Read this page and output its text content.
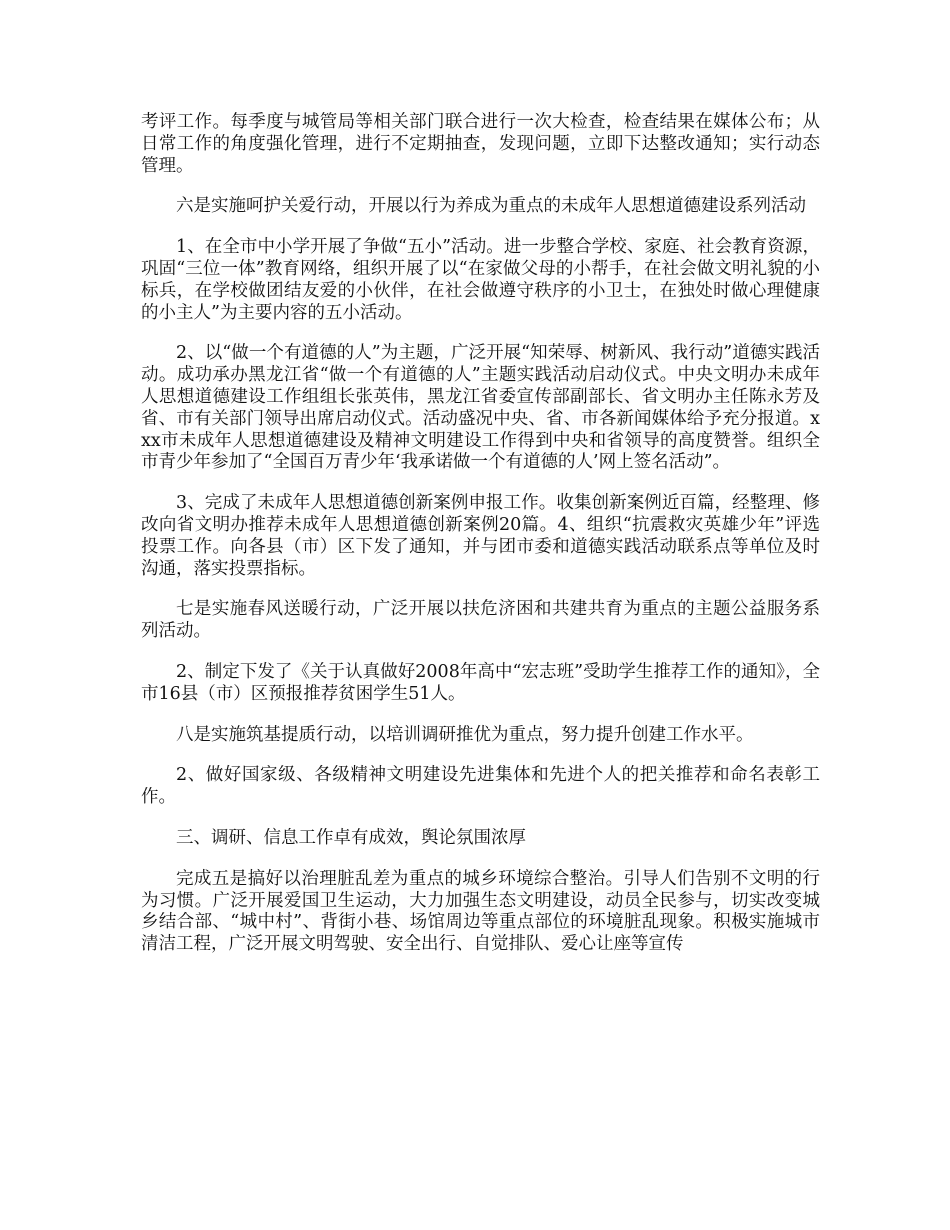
考评工作。每季度与城管局等相关部门联合进行一次大检查，检查结果在媒体公布；从日常工作的角度强化管理，进行不定期抽查，发现问题，立即下达整改通知；实行动态管理。

六是实施呵护关爱行动，开展以行为养成为重点的未成年人思想道德建设系列活动

1、在全市中小学开展了争做“五小”活动。进一步整合学校、家庭、社会教育资源，巩固“三位一体”教育网络，组织开展了以“在家做父母的小帮手，在社会做文明礼貌的小标兵，在学校做团结友爱的小伙伴，在社会做遵守秩序的小卫士，在独处时做心理健康的小主人”为主要内容的五小活动。

2、以“做一个有道德的人”为主题，广泛开展“知荣辱、树新风、我行动”道德实践活动。成功承办黑龙江省“做一个有道德的人”主题实践活动启动仪式。中央文明办未成年人思想道德建设工作组组长张英伟，黑龙江省委宣传部副部长、省文明办主任陈永芳及省、市有关部门领导出席启动仪式。活动盛况中央、省、市各新闻媒体给予充分报道。xxx市未成年人思想道德建设及精神文明建设工作得到中央和省领导的高度赞誉。组织全市青少年参加了“全国百万青少年‘我承诺做一个有道德的人’网上签名活动”。

3、完成了未成年人思想道德创新案例申报工作。收集创新案例近百篇，经整理、修改向省文明办推荐未成年人思想道德创新案例20篇。4、组织“抗震救灾英雄少年”评选投票工作。向各县（市）区下发了通知，并与团市委和道德实践活动联系点等单位及时沟通，落实投票指标。

七是实施春风送暖行动，广泛开展以扶危济困和共建共育为重点的主题公益服务系列活动。

2、制定下发了《关于认真做好2008年高中“宏志班”受助学生推荐工作的通知》，全市16县（市）区预报推荐贫困学生51人。

八是实施筑基提质行动，以培训调研推优为重点，努力提升创建工作水平。

2、做好国家级、各级精神文明建设先进集体和先进个人的把关推荐和命名表彰工作。

三、调研、信息工作卓有成效，舆论氛围浓厚

完成五是搞好以治理脏乱差为重点的城乡环境综合整治。引导人们告别不文明的行为习惯。广泛开展爱国卫生运动，大力加强生态文明建设，动员全民参与，切实改变城乡结合部、“城中村”、背街小巷、场馆周边等重点部位的环境脏乱现象。积极实施城市清洁工程，广泛开展文明驾驶、安全出行、自觉排队、爱心让座等宣传
